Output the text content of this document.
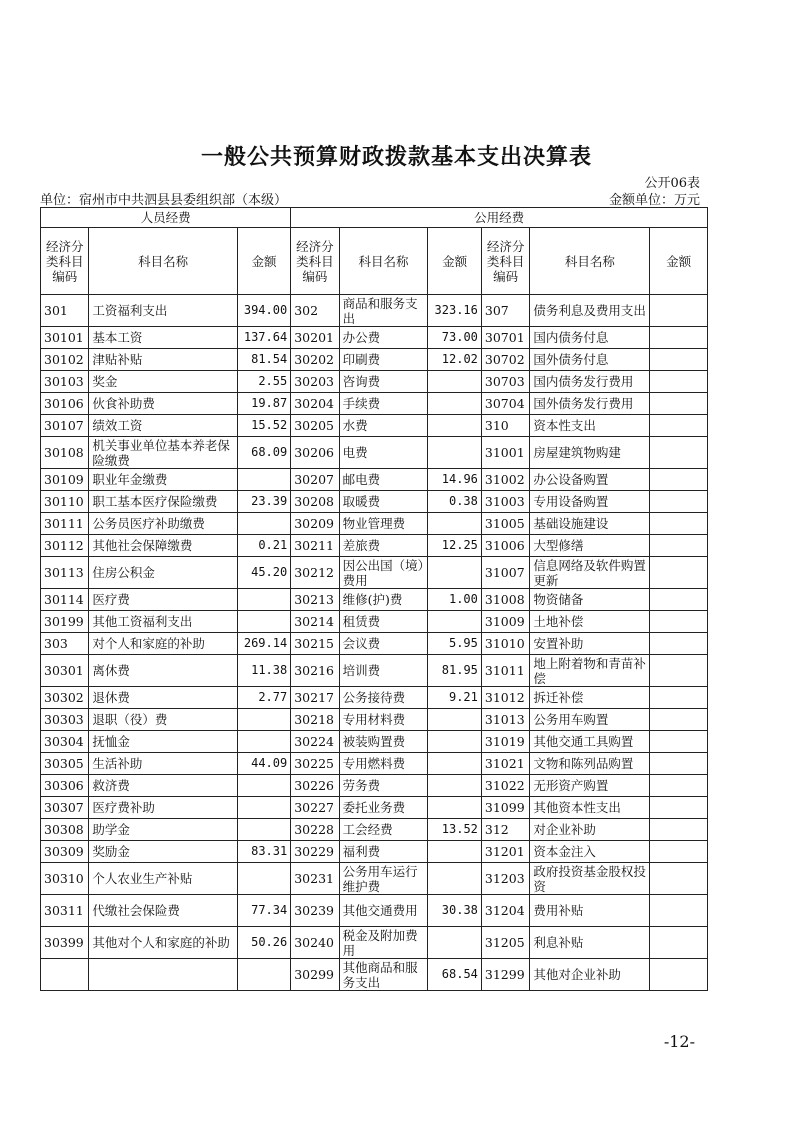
一般公共预算财政拨款基本支出决算表
公开06表
单位：宿州市中共泗县县委组织部（本级）	金额单位：万元
人员经费			公用经费					
经济分类科目编码	科目名称	金额	经济分类科目编码	科目名称	金额	经济分类科目编码	科目名称	金额
301	工资福利支出	394.00	302	商品和服务支出	323.16	307	债务利息及费用支出	
30101	基本工资	137.64	30201	办公费	73.00	30701	国内债务付息	
30102	津贴补贴	81.54	30202	印刷费	12.02	30702	国外债务付息	
30103	奖金	2.55	30203	咨询费		30703	国内债务发行费用	
30106	伙食补助费	19.87	30204	手续费		30704	国外债务发行费用	
30107	绩效工资	15.52	30205	水费		310	资本性支出	
30108	机关事业单位基本养老保险缴费	68.09	30206	电费		31001	房屋建筑物购建	
30109	职业年金缴费		30207	邮电费	14.96	31002	办公设备购置	
30110	职工基本医疗保险缴费	23.39	30208	取暖费	0.38	31003	专用设备购置	
30111	公务员医疗补助缴费		30209	物业管理费		31005	基础设施建设	
30112	其他社会保障缴费	0.21	30211	差旅费	12.25	31006	大型修缮	
30113	住房公积金	45.20	30212	因公出国（境）费用		31007	信息网络及软件购置更新	
30114	医疗费		30213	维修(护)费	1.00	31008	物资储备	
30199	其他工资福利支出		30214	租赁费		31009	土地补偿	
303	对个人和家庭的补助	269.14	30215	会议费	5.95	31010	安置补助	
30301	离休费	11.38	30216	培训费	81.95	31011	地上附着物和青苗补偿	
30302	退休费	2.77	30217	公务接待费	9.21	31012	拆迁补偿	
30303	退职（役）费		30218	专用材料费		31013	公务用车购置	
30304	抚恤金		30224	被装购置费		31019	其他交通工具购置	
30305	生活补助	44.09	30225	专用燃料费		31021	文物和陈列品购置	
30306	救济费		30226	劳务费		31022	无形资产购置	
30307	医疗费补助		30227	委托业务费		31099	其他资本性支出	
30308	助学金		30228	工会经费	13.52	312	对企业补助	
30309	奖励金	83.31	30229	福利费		31201	资本金注入	
30310	个人农业生产补贴		30231	公务用车运行维护费		31203	政府投资基金股权投资	
30311	代缴社会保险费	77.34	30239	其他交通费用	30.38	31204	费用补贴	
30399	其他对个人和家庭的补助	50.26	30240	税金及附加费用		31205	利息补贴	
			30299	其他商品和服务支出	68.54	31299	其他对企业补助	
-12-
